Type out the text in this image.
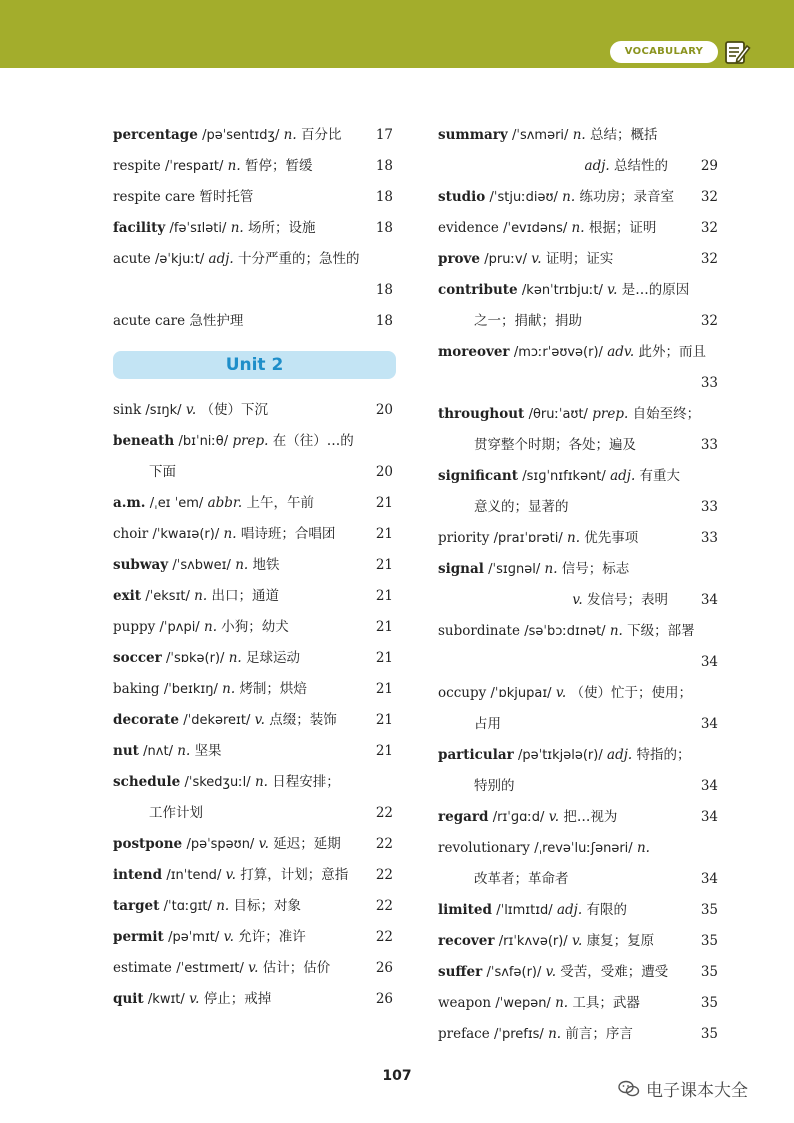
VOCABULARY
percentage /pəˈsentɪdʒ/ n. 百分比	17
respite /ˈrespaɪt/ n. 暂停；暂缓	18
respite care 暂时托管	18
facility /fəˈsɪləti/ n. 场所；设施	18
acute /əˈkjuːt/ adj. 十分严重的；急性的
18
acute care 急性护理	18
Unit 2
sink /sɪŋk/ v. （使）下沉	20
beneath /bɪˈniːθ/ prep. 在（往）…的
下面	20
a.m. /ˌeɪ ˈem/ abbr. 上午，午前	21
choir /ˈkwaɪə(r)/ n. 唱诗班；合唱团	21
subway /ˈsʌbweɪ/ n. 地铁	21
exit /ˈeksɪt/ n. 出口；通道	21
puppy /ˈpʌpi/ n. 小狗；幼犬	21
soccer /ˈsɒkə(r)/ n. 足球运动	21
baking /ˈbeɪkɪŋ/ n. 烤制；烘焙	21
decorate /ˈdekəreɪt/ v. 点缀；装饰	21
nut /nʌt/ n. 坚果	21
schedule /ˈskedʒuːl/ n. 日程安排；
工作计划	22
postpone /pəˈspəʊn/ v. 延迟；延期	22
intend /ɪnˈtend/ v. 打算，计划；意指 22
target /ˈtɑːɡɪt/ n. 目标；对象	22
permit /pəˈmɪt/ v. 允许；准许	22
estimate /ˈestɪmeɪt/ v. 估计；估价	26
quit /kwɪt/ v. 停止；戒掉	26
summary /ˈsʌməri/ n. 总结；概括
adj. 总结性的 29
studio /ˈstjuːdiəʊ/ n. 练功房；录音室 32
evidence /ˈevɪdəns/ n. 根据；证明	32
prove /pruːv/ v. 证明；证实	32
contribute /kənˈtrɪbjuːt/ v. 是…的原因
之一；捐献；捐助	32
moreover /mɔːrˈəʊvə(r)/ adv. 此外；而且
33
throughout /θruːˈaʊt/ prep. 自始至终；
贯穿整个时期；各处；遍及	33
significant /sɪɡˈnɪfɪkənt/ adj. 有重大
意义的；显著的	33
priority /praɪˈɒrəti/ n. 优先事项	33
signal /ˈsɪɡnəl/ n. 信号；标志
v. 发信号；表明 34
subordinate /səˈbɔːdɪnət/ n. 下级；部署
34
occupy /ˈɒkjupaɪ/ v. （使）忙于；使用；
占用	34
particular /pəˈtɪkjələ(r)/ adj. 特指的；
特别的	34
regard /rɪˈɡɑːd/ v. 把…视为	34
revolutionary /ˌrevəˈluːʃənəri/ n.
改革者；革命者	34
limited /ˈlɪmɪtɪd/ adj. 有限的	35
recover /rɪˈkʌvə(r)/ v. 康复；复原	35
suffer /ˈsʌfə(r)/ v. 受苦，受难；遭受 35
weapon /ˈwepən/ n. 工具；武器	35
preface /ˈprefɪs/ n. 前言；序言	35
107
电子课本大全
